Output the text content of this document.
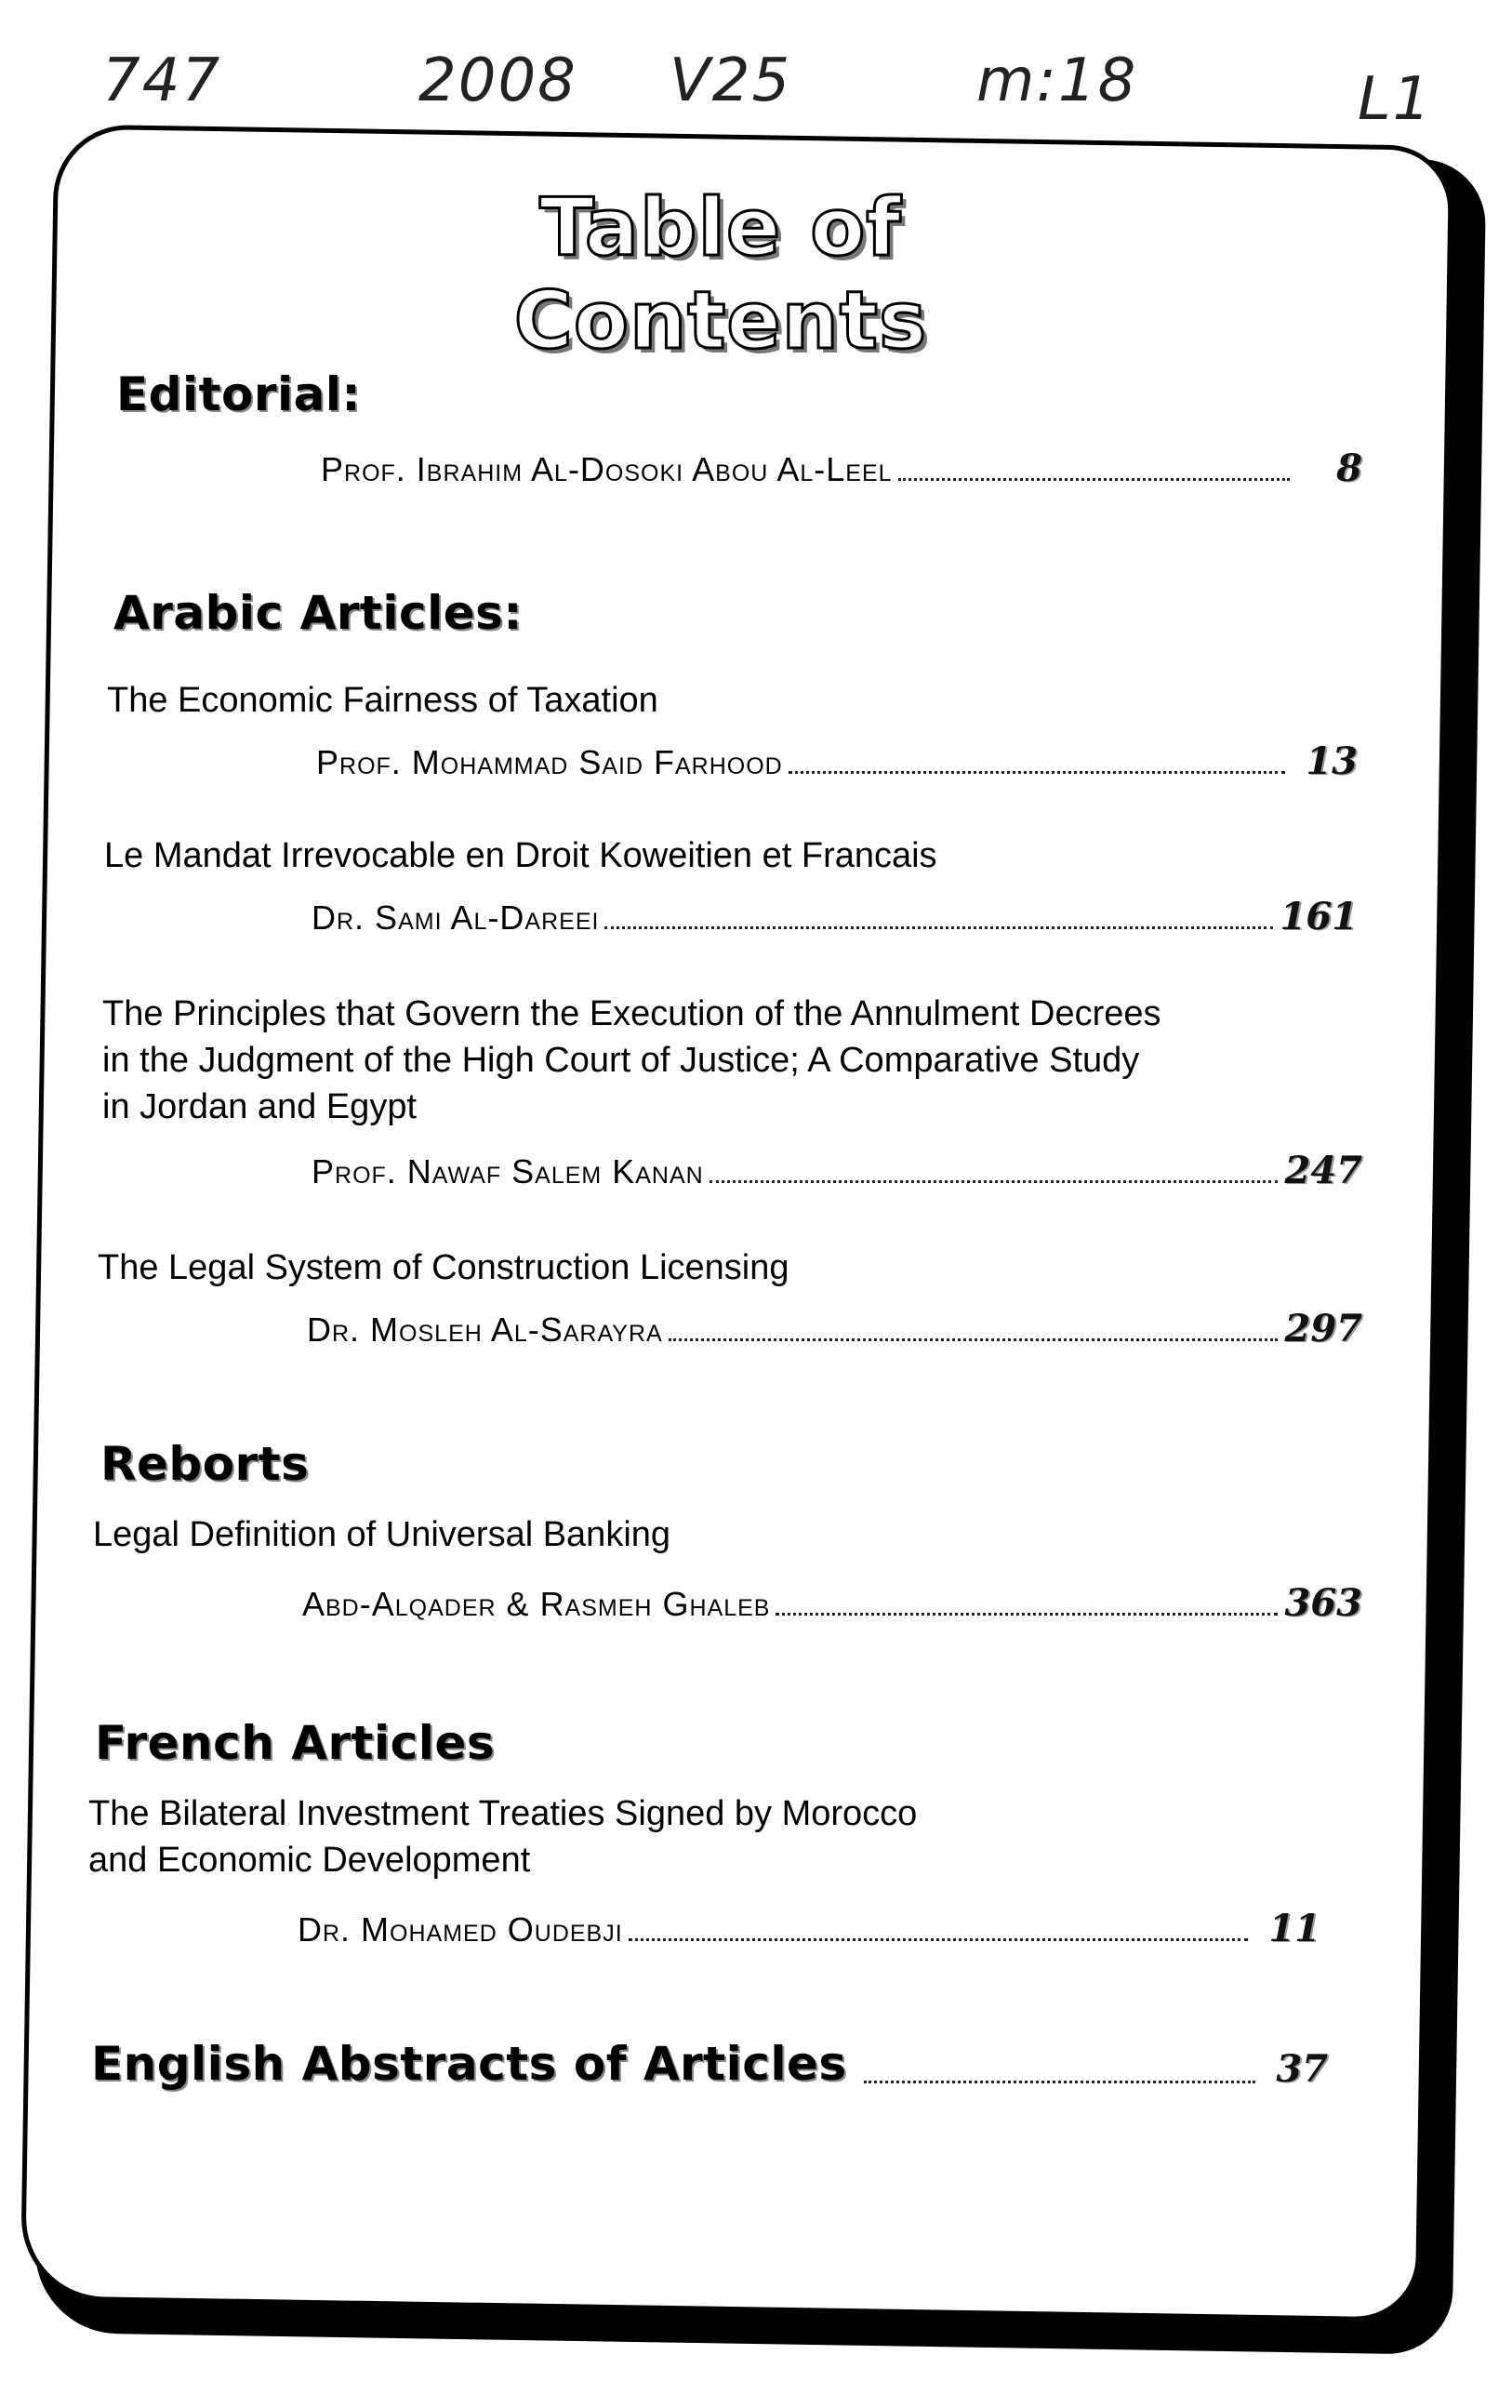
747	2008 V25	m:18	L1
Table of Contents
Editorial:
Prof. Ibrahim Al-Dosoki Abou Al-Leel	8
Arabic Articles:
The Economic Fairness of Taxation
Prof. Mohammad Said Farhood	13
Le Mandat Irrevocable en Droit Koweitien et Francais
Dr. Sami Al-Dareei	161
The Principles that Govern the Execution of the Annulment Decrees
in the Judgment of the High Court of Justice; A Comparative Study
in Jordan and Egypt
Prof. Nawaf Salem Kanan	247
The Legal System of Construction Licensing
Dr. Mosleh Al-Sarayra	297
Reborts
Legal Definition of Universal Banking
Abd-Alqader & Rasmeh Ghaleb	363
French Articles
The Bilateral Investment Treaties Signed by Morocco
and Economic Development
Dr. Mohamed Oudebji	11
English Abstracts of Articles	37
